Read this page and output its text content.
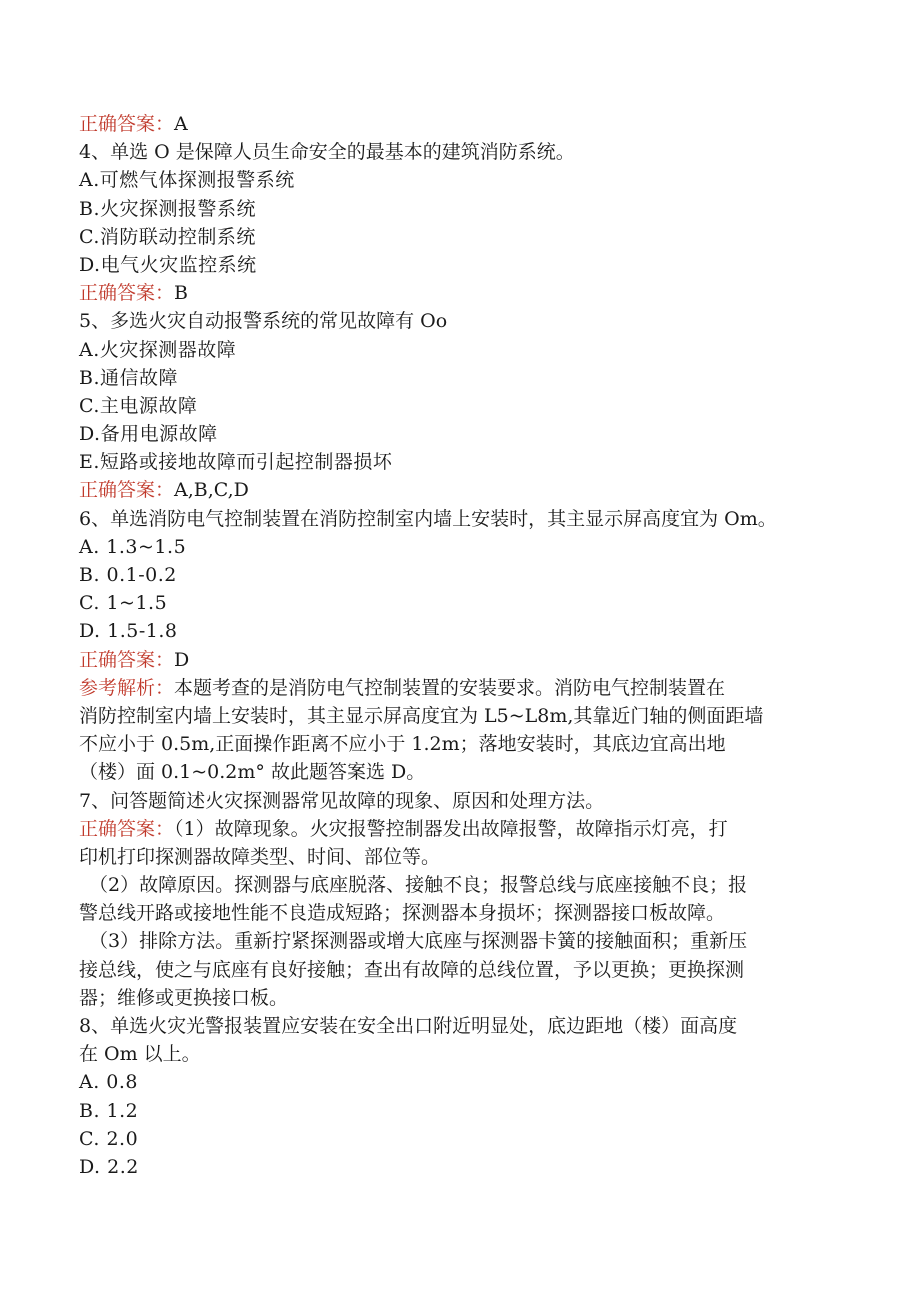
正确答案：A
4、单选 O 是保障人员生命安全的最基本的建筑消防系统。
A.可燃气体探测报警系统
B.火灾探测报警系统
C.消防联动控制系统
D.电气火灾监控系统
正确答案：B
5、多选火灾自动报警系统的常见故障有 Oo
A.火灾探测器故障
B.通信故障
C.主电源故障
D.备用电源故障
E.短路或接地故障而引起控制器损坏
正确答案：A,B,C,D
6、单选消防电气控制装置在消防控制室内墙上安装时，其主显示屏高度宜为 Om。
A. 1.3~1.5
B. 0.1-0.2
C. 1~1.5
D. 1.5-1.8
正确答案：D
参考解析：本题考查的是消防电气控制装置的安装要求。消防电气控制装置在
消防控制室内墙上安装时，其主显示屏高度宜为 L5~L8m,其靠近门轴的侧面距墙
不应小于 0.5m,正面操作距离不应小于 1.2m；落地安装时，其底边宜高出地
（楼）面 0.1~0.2m° 故此题答案选 D。
7、问答题简述火灾探测器常见故障的现象、原因和处理方法。
正确答案：（1）故障现象。火灾报警控制器发出故障报警，故障指示灯亮，打
印机打印探测器故障类型、时间、部位等。
（2）故障原因。探测器与底座脱落、接触不良；报警总线与底座接触不良；报
警总线开路或接地性能不良造成短路；探测器本身损坏；探测器接口板故障。
（3）排除方法。重新拧紧探测器或增大底座与探测器卡簧的接触面积；重新压
接总线，使之与底座有良好接触；查出有故障的总线位置，予以更换；更换探测
器；维修或更换接口板。
8、单选火灾光警报装置应安装在安全出口附近明显处，底边距地（楼）面高度
在 Om 以上。
A. 0.8
B. 1.2
C. 2.0
D. 2.2
